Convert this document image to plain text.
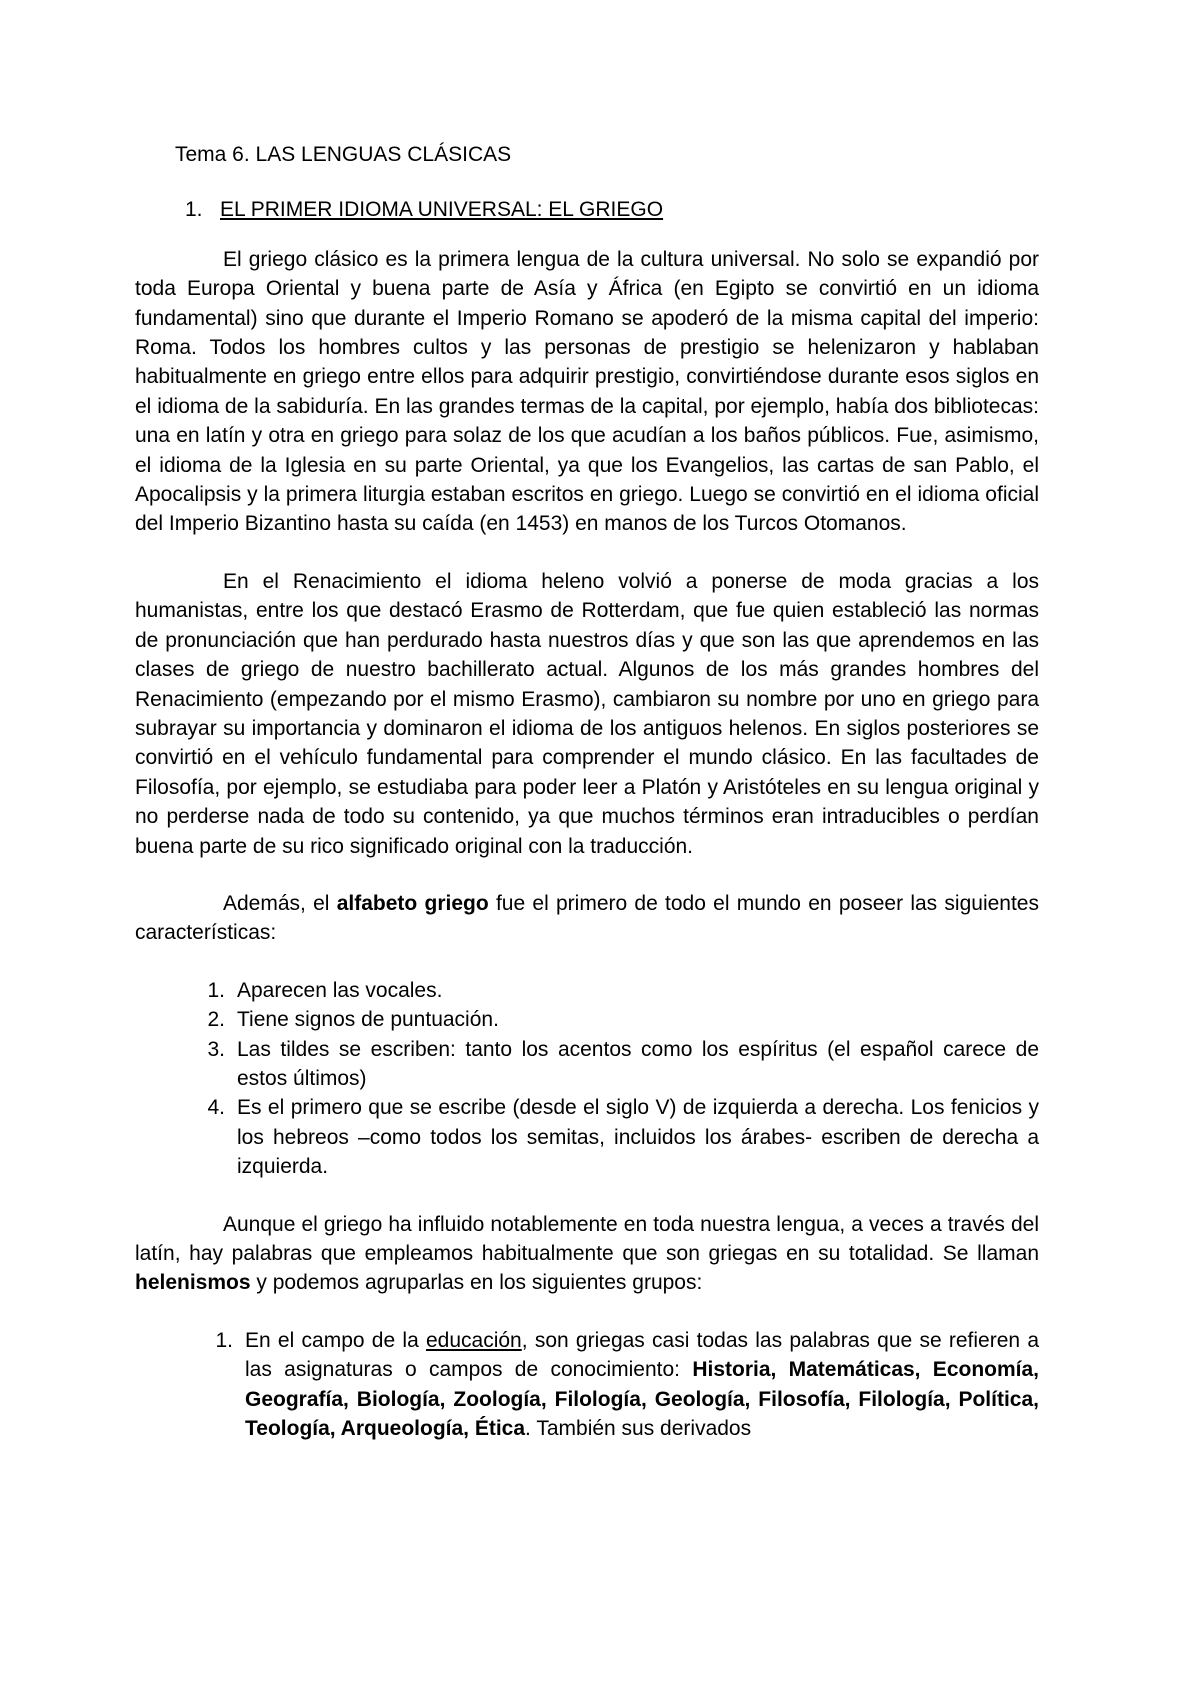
Tema 6. LAS LENGUAS CLÁSICAS
1. EL PRIMER IDIOMA UNIVERSAL: EL GRIEGO

El griego clásico es la primera lengua de la cultura universal. No solo se expandió por toda Europa Oriental y buena parte de Asía y África (en Egipto se convirtió en un idioma fundamental) sino que durante el Imperio Romano se apoderó de la misma capital del imperio: Roma. Todos los hombres cultos y las personas de prestigio se helenizaron y hablaban habitualmente en griego entre ellos para adquirir prestigio, convirtiéndose durante esos siglos en el idioma de la sabiduría. En las grandes termas de la capital, por ejemplo, había dos bibliotecas: una en latín y otra en griego para solaz de los que acudían a los baños públicos. Fue, asimismo, el idioma de la Iglesia en su parte Oriental, ya que los Evangelios, las cartas de san Pablo, el Apocalipsis y la primera liturgia estaban escritos en griego. Luego se convirtió en el idioma oficial del Imperio Bizantino hasta su caída (en 1453) en manos de los Turcos Otomanos.

En el Renacimiento el idioma heleno volvió a ponerse de moda gracias a los humanistas, entre los que destacó Erasmo de Rotterdam, que fue quien estableció las normas de pronunciación que han perdurado hasta nuestros días y que son las que aprendemos en las clases de griego de nuestro bachillerato actual. Algunos de los más grandes hombres del Renacimiento (empezando por el mismo Erasmo), cambiaron su nombre por uno en griego para subrayar su importancia y dominaron el idioma de los antiguos helenos. En siglos posteriores se convirtió en el vehículo fundamental para comprender el mundo clásico. En las facultades de Filosofía, por ejemplo, se estudiaba para poder leer a Platón y Aristóteles en su lengua original y no perderse nada de todo su contenido, ya que muchos términos eran intraducibles o perdían buena parte de su rico significado original con la traducción.

Además, el alfabeto griego fue el primero de todo el mundo en poseer las siguientes características:

1. Aparecen las vocales.
2. Tiene signos de puntuación.
3. Las tildes se escriben: tanto los acentos como los espíritus (el español carece de estos últimos)
4. Es el primero que se escribe (desde el siglo V) de izquierda a derecha. Los fenicios y los hebreos –como todos los semitas, incluidos los árabes- escriben de derecha a izquierda.

Aunque el griego ha influido notablemente en toda nuestra lengua, a veces a través del latín, hay palabras que empleamos habitualmente que son griegas en su totalidad. Se llaman helenismos y podemos agruparlas en los siguientes grupos:

1. En el campo de la educación, son griegas casi todas las palabras que se refieren a las asignaturas o campos de conocimiento: Historia, Matemáticas, Economía, Geografía, Biología, Zoología, Filología, Geología, Filosofía, Filología, Política, Teología, Arqueología, Ética. También sus derivados
